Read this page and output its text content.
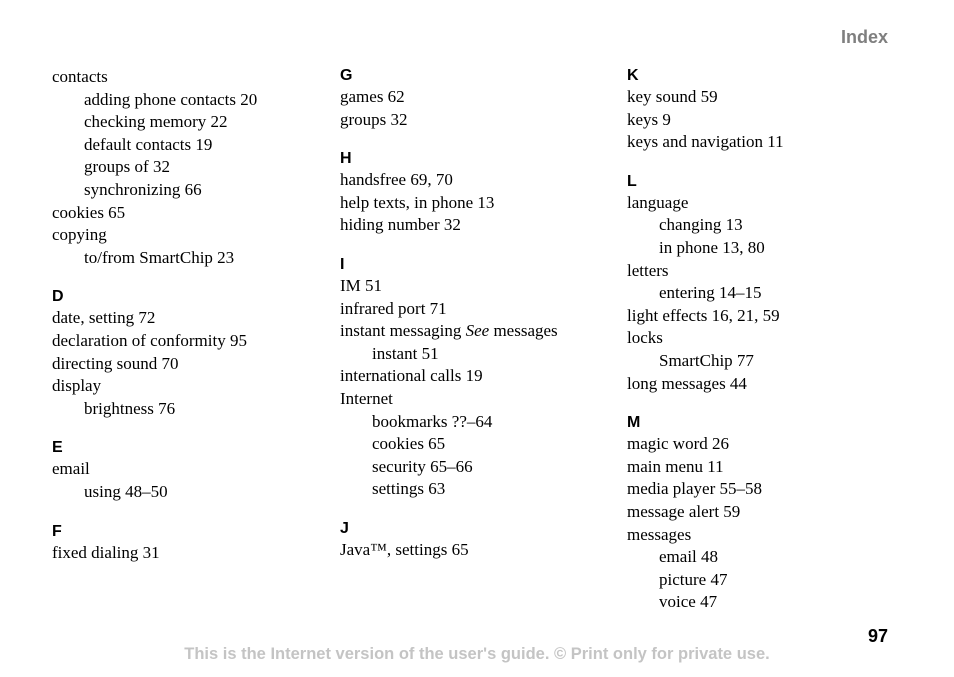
Index
contacts
adding phone contacts 20
checking memory 22
default contacts 19
groups of 32
synchronizing 66
cookies 65
copying
to/from SmartChip 23
D
date, setting 72
declaration of conformity 95
directing sound 70
display
brightness 76
E
email
using 48–50
F
fixed dialing 31
G
games 62
groups 32
H
handsfree 69, 70
help texts, in phone 13
hiding number 32
I
IM 51
infrared port 71
instant messaging See messages
instant 51
international calls 19
Internet
bookmarks ??–64
cookies 65
security 65–66
settings 63
J
Java™, settings 65
K
key sound 59
keys 9
keys and navigation 11
L
language
changing 13
in phone 13, 80
letters
entering 14–15
light effects 16, 21, 59
locks
SmartChip 77
long messages 44
M
magic word 26
main menu 11
media player 55–58
message alert 59
messages
email 48
picture 47
voice 47
97
This is the Internet version of the user's guide. © Print only for private use.
